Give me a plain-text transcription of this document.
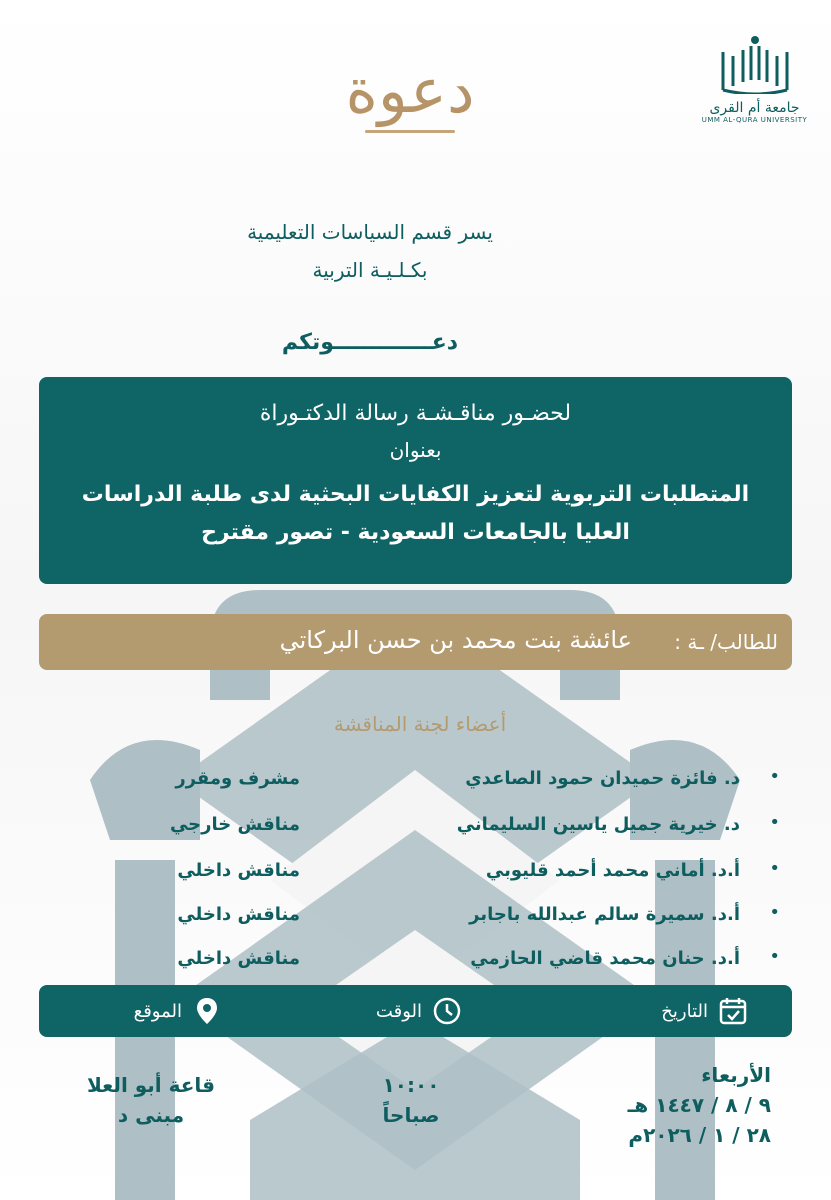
جامعة أم القرى
UMM AL-QURA UNIVERSITY
دعوة
يسر قسم السياسات التعليمية
بكـلـيـة التربية
دعـــــــــــــوتكم
لحضـور مناقـشـة رسالة الدكتـوراة
بعنوان
المتطلبات التربوية لتعزيز الكفايات البحثية لدى طلبة الدراسات العليا بالجامعات السعودية - تصور مقترح
للطالب/ ـة :
عائشة بنت محمد بن حسن البركاتي
أعضاء لجنة المناقشة
•
د. فائزة حميدان حمود الصاعدي
مشرف ومقرر
•
د. خيرية جميل ياسين السليماني
مناقش خارجي
•
أ.د. أماني محمد أحمد قليوبي
مناقش داخلي
•
أ.د. سميرة سالم عبدالله باجابر
مناقش داخلي
•
أ.د. حنان محمد قاضي الحازمي
مناقش داخلي
التاريخ
الوقت
الموقع
الأربعاء
٩ / ٨ / ١٤٤٧ هـ
٢٨ / ١ / ٢٠٢٦م
١٠:٠٠
صباحاً
قاعة أبو العلا
مبنى د
